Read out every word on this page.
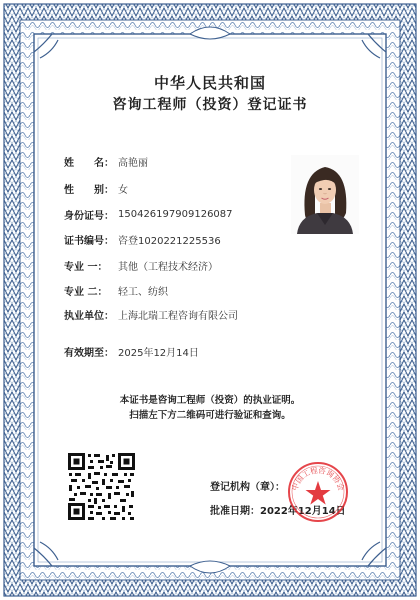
中华人民共和国
咨询工程师（投资）登记证书
姓　　名： 高艳丽
性　　别： 女
身份证号： 150426197909126087
证书编号： 咨登1020221225536
专业 一：	其他（工程技术经济）
专业 二：	轻工、纺织
执业单位： 上海北瑞工程咨询有限公司
有效期至： 2025年12月14日
本证书是咨询工程师（投资）的执业证明。
扫描左下方二维码可进行验证和查询。
登记机构（章）：
批准日期：2022年12月14日
中国工程咨询协会
